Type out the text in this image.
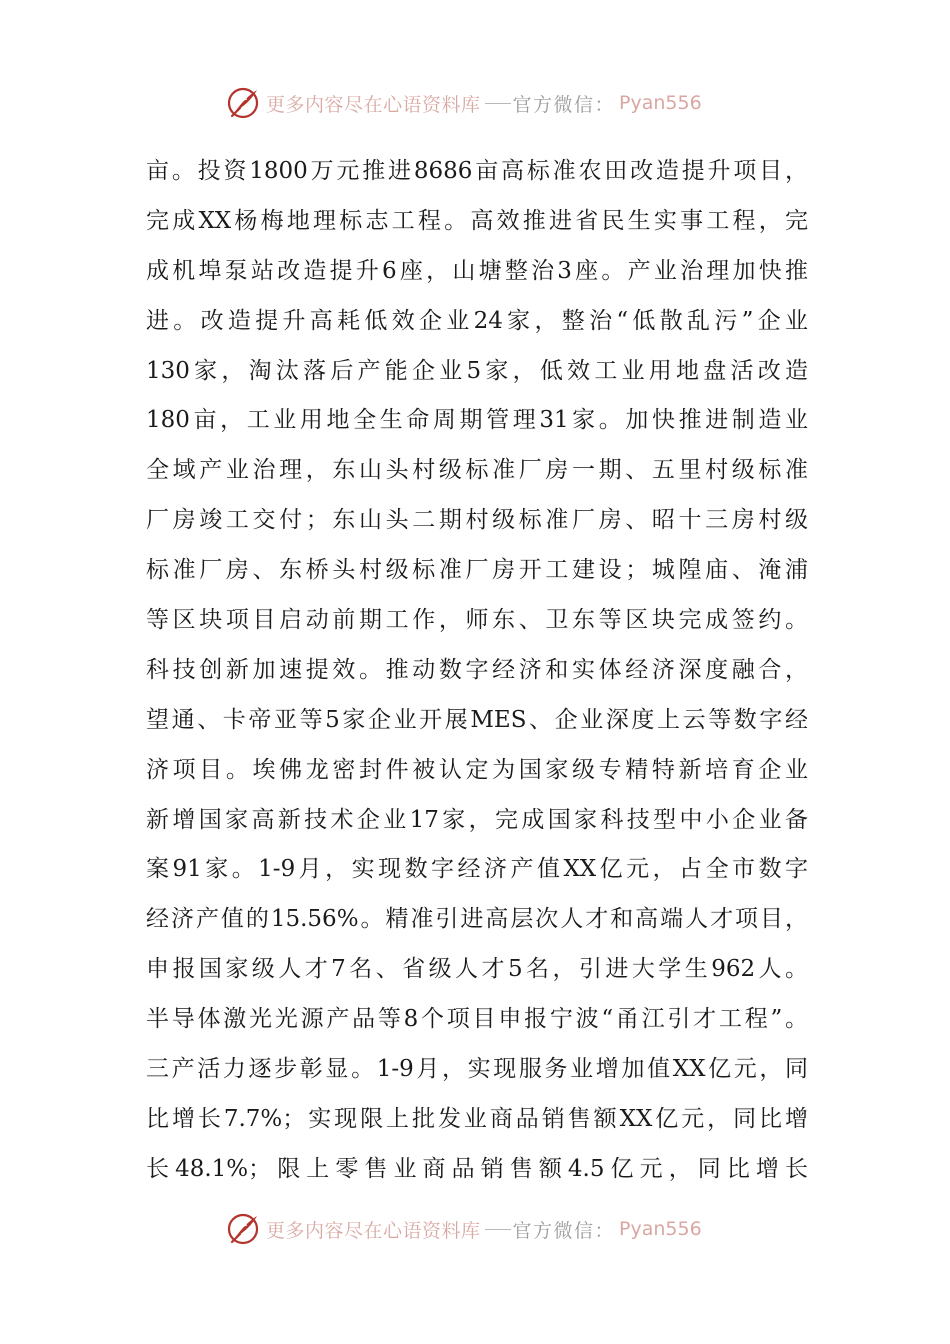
更多内容尽在心语资料库 官方微信： Pyan556
亩。投资1800万元推进8686亩高标准农田改造提升项目，
完成XX杨梅地理标志工程。高效推进省民生实事工程，完
成机埠泵站改造提升6座，山塘整治3座。产业治理加快推
进。改造提升高耗低效企业24家，整治“低散乱污”企业
130家，淘汰落后产能企业5家，低效工业用地盘活改造
180亩，工业用地全生命周期管理31家。加快推进制造业
全域产业治理，东山头村级标准厂房一期、五里村级标准
厂房竣工交付；东山头二期村级标准厂房、昭十三房村级
标准厂房、东桥头村级标准厂房开工建设；城隍庙、淹浦
等区块项目启动前期工作，师东、卫东等区块完成签约。
科技创新加速提效。推动数字经济和实体经济深度融合，
望通、卡帝亚等5家企业开展MES、企业深度上云等数字经
济项目。埃佛龙密封件被认定为国家级专精特新培育企业
新增国家高新技术企业17家，完成国家科技型中小企业备
案91家。1-9月，实现数字经济产值XX亿元，占全市数字
经济产值的15.56%。精准引进高层次人才和高端人才项目，
申报国家级人才7名、省级人才5名，引进大学生962人。
半导体激光光源产品等8个项目申报宁波“甬江引才工程”。
三产活力逐步彰显。1-9月，实现服务业增加值XX亿元，同
比增长7.7%；实现限上批发业商品销售额XX亿元，同比增
长48.1%；限上零售业商品销售额4.5亿元，同比增长
更多内容尽在心语资料库 官方微信： Pyan556
